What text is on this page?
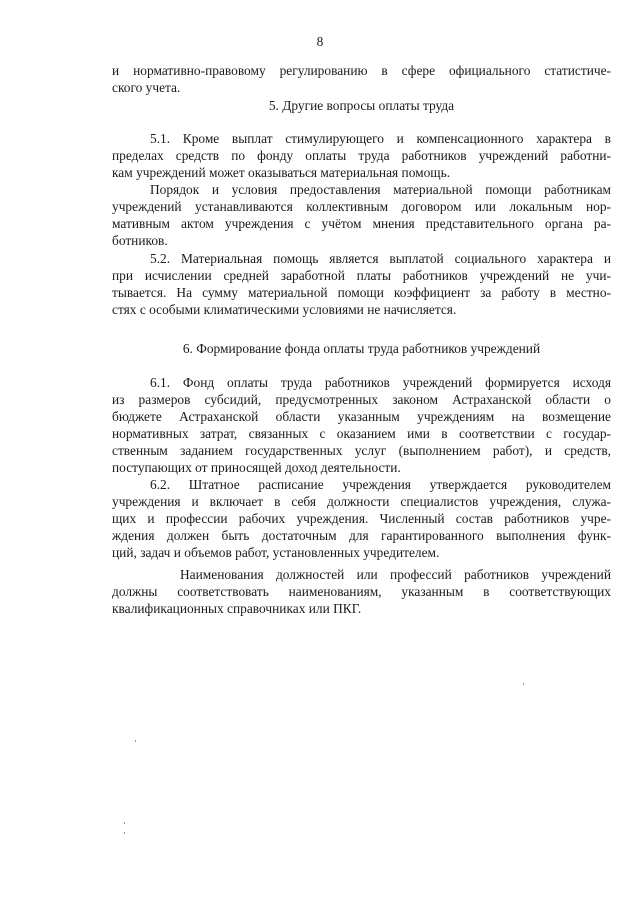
8
и нормативно-правовому регулированию в сфере официального статистиче-
ского учета.
5. Другие вопросы оплаты труда
5.1. Кроме выплат стимулирующего и компенсационного характера в
пределах средств по фонду оплаты труда работников учреждений работни-
кам учреждений может оказываться материальная помощь.
Порядок и условия предоставления материальной помощи работникам
учреждений устанавливаются коллективным договором или локальным нор-
мативным актом учреждения с учётом мнения представительного органа ра-
ботников.
5.2. Материальная помощь является выплатой социального характера и
при исчислении средней заработной платы работников учреждений не учи-
тывается. На сумму материальной помощи коэффициент за работу в местно-
стях с особыми климатическими условиями не начисляется.
6. Формирование фонда оплаты труда работников учреждений
6.1. Фонд оплаты труда работников учреждений формируется исходя
из размеров субсидий, предусмотренных законом Астраханской области о
бюджете Астраханской области указанным учреждениям на возмещение
нормативных затрат, связанных с оказанием ими в соответствии с государ-
ственным заданием государственных услуг (выполнением работ), и средств,
поступающих от приносящей доход деятельности.
6.2. Штатное расписание учреждения утверждается руководителем
учреждения и включает в себя должности специалистов учреждения, служа-
щих и профессии рабочих учреждения. Численный состав работников учре-
ждения должен быть достаточным для гарантированного выполнения функ-
ций, задач и объемов работ, установленных учредителем.
Наименования должностей или профессий работников учреждений
должны соответствовать наименованиям, указанным в соответствующих
квалификационных справочниках или ПКГ.
